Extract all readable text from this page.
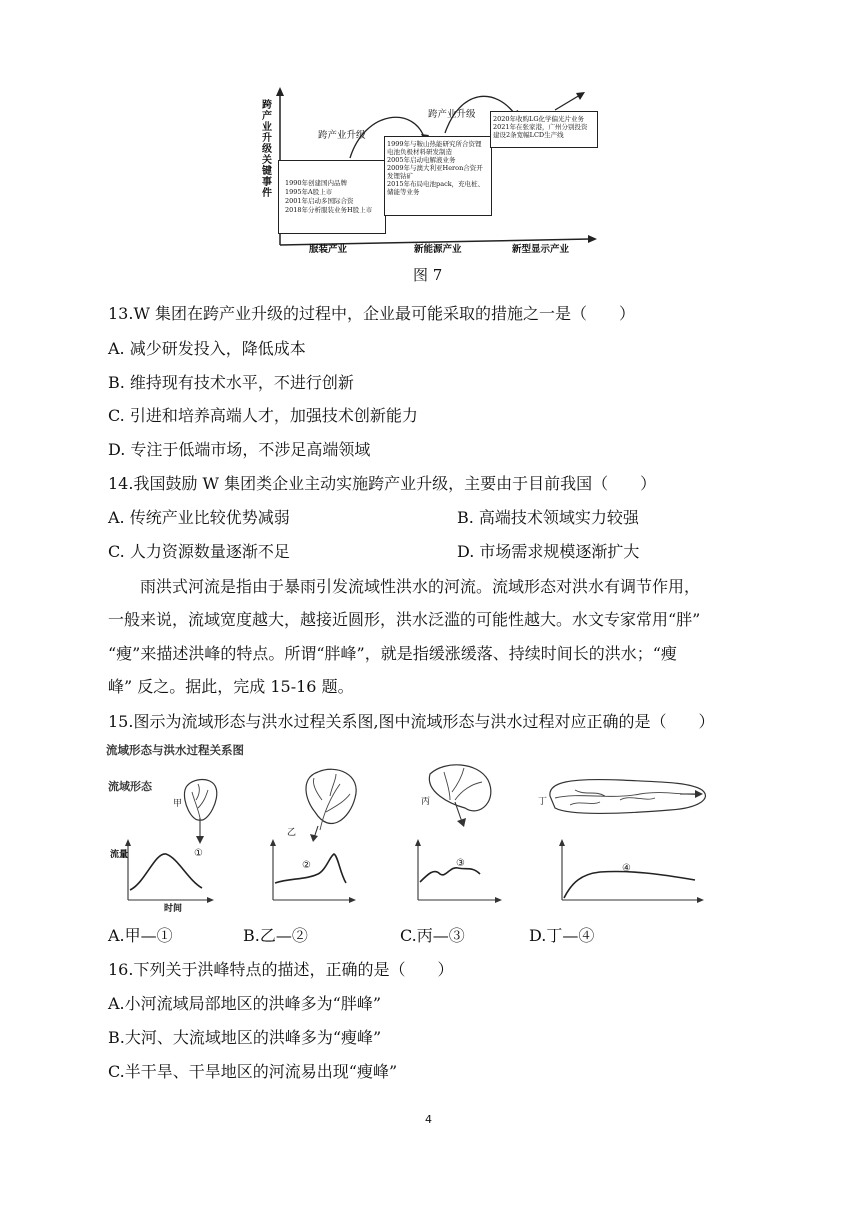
跨
产
业
升
级
关
键
事
件
跨产业升级
跨产业升级
1990年创建国内品牌
1995年A股上市
2001年启动多国际合资
2018年分析服装业务H股上市
1999年与鞍山热能研究所合资锂
电池负极材料研发制造
2005年启动电解液业务
2009年与澳大利亚Heron合资开
发锂钴矿
2015年布局电池pack，充电桩、
储能等业务
2020年收购LG化学偏光片业务
2021年在张家港，广州分别投资
建设2条宽幅LCD生产线
服装产业	新能源产业	新型显示产业
图 7
13.W 集团在跨产业升级的过程中，企业最可能采取的措施之一是（　　）
A. 减少研发投入，降低成本
B. 维持现有技术水平，不进行创新
C. 引进和培养高端人才，加强技术创新能力
D. 专注于低端市场，不涉足高端领域
14.我国鼓励 W 集团类企业主动实施跨产业升级，主要由于目前我国（　　）
A. 传统产业比较优势减弱	B. 高端技术领域实力较强
C. 人力资源数量逐渐不足	D. 市场需求规模逐渐扩大
雨洪式河流是指由于暴雨引发流域性洪水的河流。流域形态对洪水有调节作用，
一般来说，流域宽度越大，越接近圆形，洪水泛滥的可能性越大。水文专家常用“胖”
“瘦”来描述洪峰的特点。所谓“胖峰”，就是指缓涨缓落、持续时间长的洪水；“瘦
峰” 反之。据此，完成 15-16 题。
15.图示为流域形态与洪水过程关系图,图中流域形态与洪水过程对应正确的是（　　）
流域形态与洪水过程关系图
流域形态
甲
乙
丙	丁
流量
时间
①
②	③	④
A.甲—①	B.乙—②	C.丙—③	D.丁—④
16.下列关于洪峰特点的描述，正确的是（　　）
A.小河流域局部地区的洪峰多为“胖峰”
B.大河、大流域地区的洪峰多为“瘦峰”
C.半干旱、干旱地区的河流易出现“瘦峰”
4
